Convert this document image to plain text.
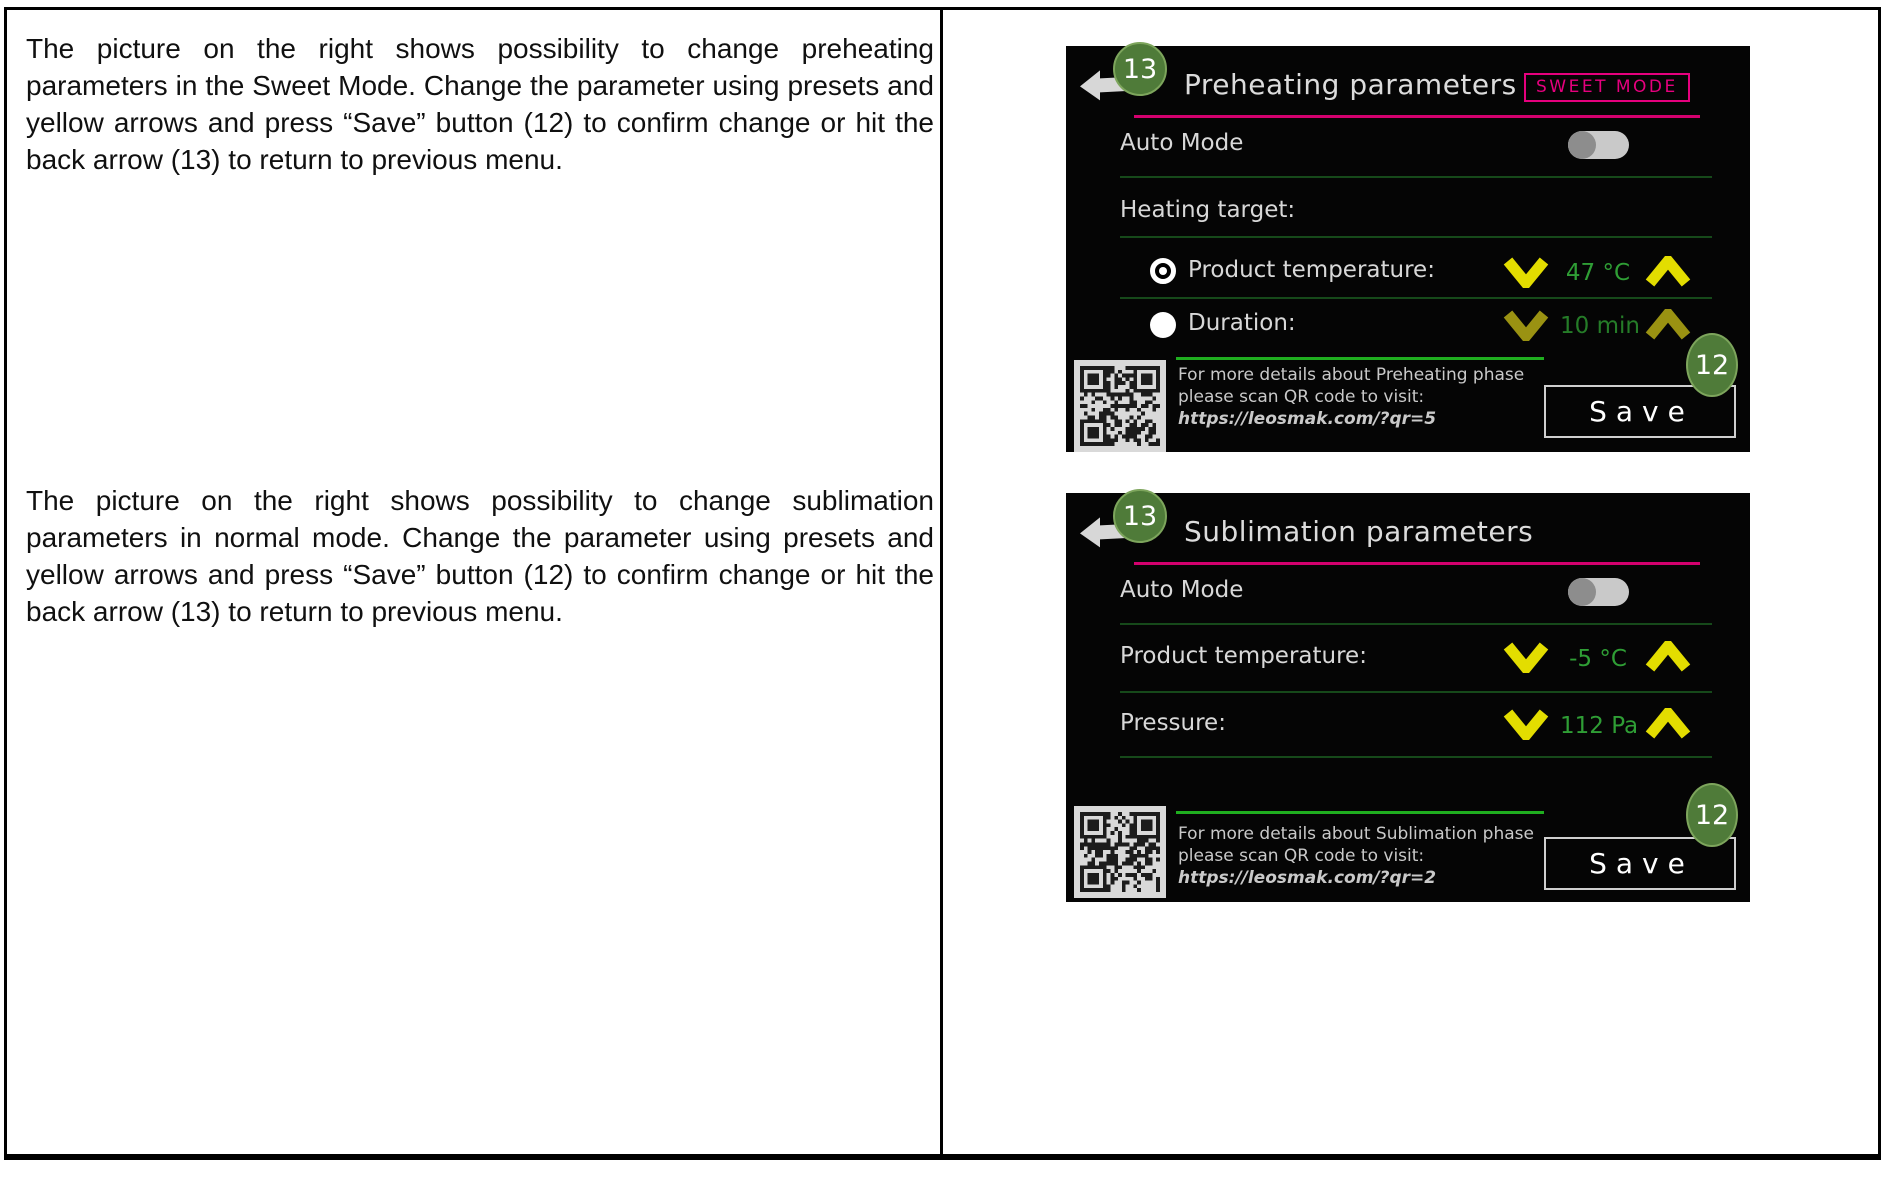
The picture on the right shows possibility to change preheating parameters in the Sweet Mode. Change the parameter using presets and yellow arrows and press “Save” button (12) to confirm change or hit the back arrow (13) to return to previous menu.
The picture on the right shows possibility to change sublimation parameters in normal mode. Change the parameter using presets and yellow arrows and press “Save” button (12) to confirm change or hit the back arrow (13) to return to previous menu.
13 Preheating parameters	SWEET MODE
Auto Mode
Heating target:
Product temperature:	47 °C
Duration:	10 min
For more details about Preheating phase
please scan QR code to visit:
https://leosmak.com/?qr=5	Save
12
13 Sublimation parameters
Auto Mode
Product temperature:	-5 °C
Pressure:	112 Pa
For more details about Sublimation phase
please scan QR code to visit:
https://leosmak.com/?qr=2	Save
12
